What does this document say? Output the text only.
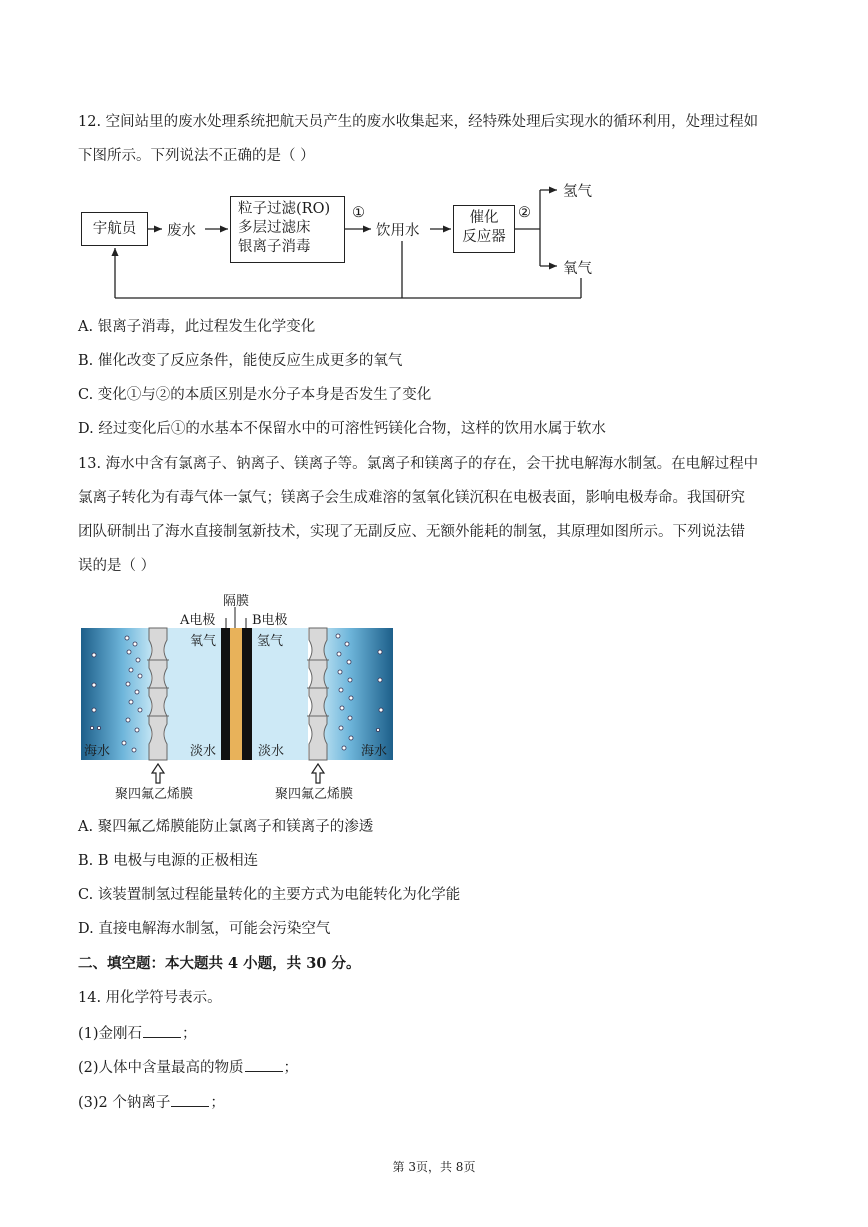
12. 空间站里的废水处理系统把航天员产生的废水收集起来，经特殊处理后实现水的循环利用，处理过程如
下图所示。下列说法不正确的是（ ）
宇航员	废水
粒子过滤(RO)
多层过滤床
银离子消毒
①
饮用水
催化
反应器
②
氢气
氧气
A. 银离子消毒，此过程发生化学变化
B. 催化改变了反应条件，能使反应生成更多的氧气
C. 变化①与②的本质区别是水分子本身是否发生了变化
D. 经过变化后①的水基本不保留水中的可溶性钙镁化合物，这样的饮用水属于软水
13. 海水中含有氯离子、钠离子、镁离子等。氯离子和镁离子的存在，会干扰电解海水制氢。在电解过程中
氯离子转化为有毒气体一氯气；镁离子会生成难溶的氢氧化镁沉积在电极表面，影响电极寿命。我国研究
团队研制出了海水直接制氢新技术，实现了无副反应、无额外能耗的制氢，其原理如图所示。下列说法错
误的是（ ）
隔膜
A电极	B电极
氧气	氢气
淡水	淡水
海水	海水
聚四氟乙烯膜	聚四氟乙烯膜
A. 聚四氟乙烯膜能防止氯离子和镁离子的渗透
B. B 电极与电源的正极相连
C. 该装置制氢过程能量转化的主要方式为电能转化为化学能
D. 直接电解海水制氢，可能会污染空气
二、填空题：本大题共 4 小题，共 30 分。
14. 用化学符号表示。
(1)金刚石	；
(2)人体中含量最高的物质	；
(3)2 个钠离子	；
第 3页，共 8页
